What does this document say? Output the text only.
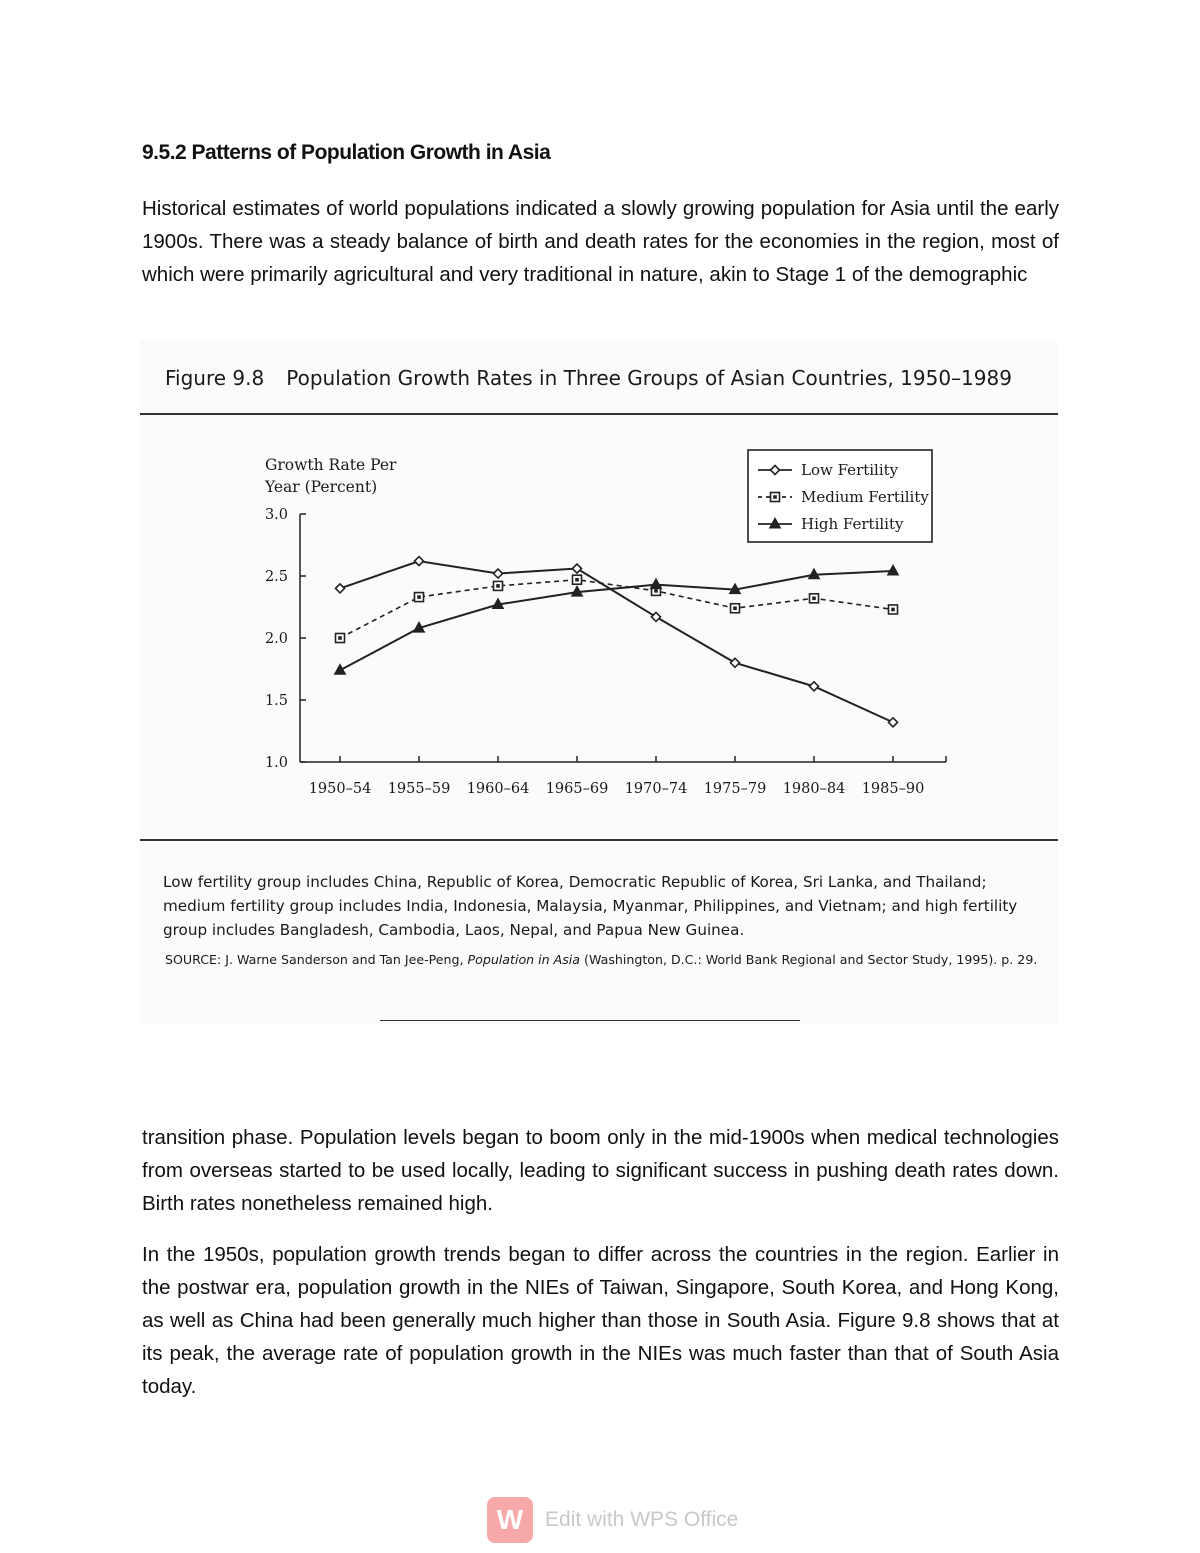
9.5.2 Patterns of Population Growth in Asia

Historical estimates of world populations indicated a slowly growing population for Asia until the early 1900s. There was a steady balance of birth and death rates for the economies in the region, most of which were primarily agricultural and very traditional in nature, akin to Stage 1 of the demographic

Figure 9.8 Population Growth Rates in Three Groups of Asian Countries, 1950–1989
Growth Rate Per
Year (Percent)
1.0
1.5
2.0
2.5
3.0
1950–54 1955–59 1960–64 1965–69 1970–74 1975–79 1980–84 1985–90
Low Fertility
Medium Fertility
High Fertility

Low fertility group includes China, Republic of Korea, Democratic Republic of Korea, Sri Lanka, and Thailand; medium fertility group includes India, Indonesia, Malaysia, Myanmar, Philippines, and Vietnam; and high fertility group includes Bangladesh, Cambodia, Laos, Nepal, and Papua New Guinea.

SOURCE: J. Warne Sanderson and Tan Jee-Peng, Population in Asia (Washington, D.C.: World Bank Regional and Sector Study, 1995). p. 29.

transition phase. Population levels began to boom only in the mid-1900s when medical technologies from overseas started to be used locally, leading to significant success in pushing death rates down. Birth rates nonetheless remained high.

In the 1950s, population growth trends began to differ across the countries in the region. Earlier in the postwar era, population growth in the NIEs of Taiwan, Singapore, South Korea, and Hong Kong, as well as China had been generally much higher than those in South Asia. Figure 9.8 shows that at its peak, the average rate of population growth in the NIEs was much faster than that of South Asia today.

W	Edit with WPS Office
